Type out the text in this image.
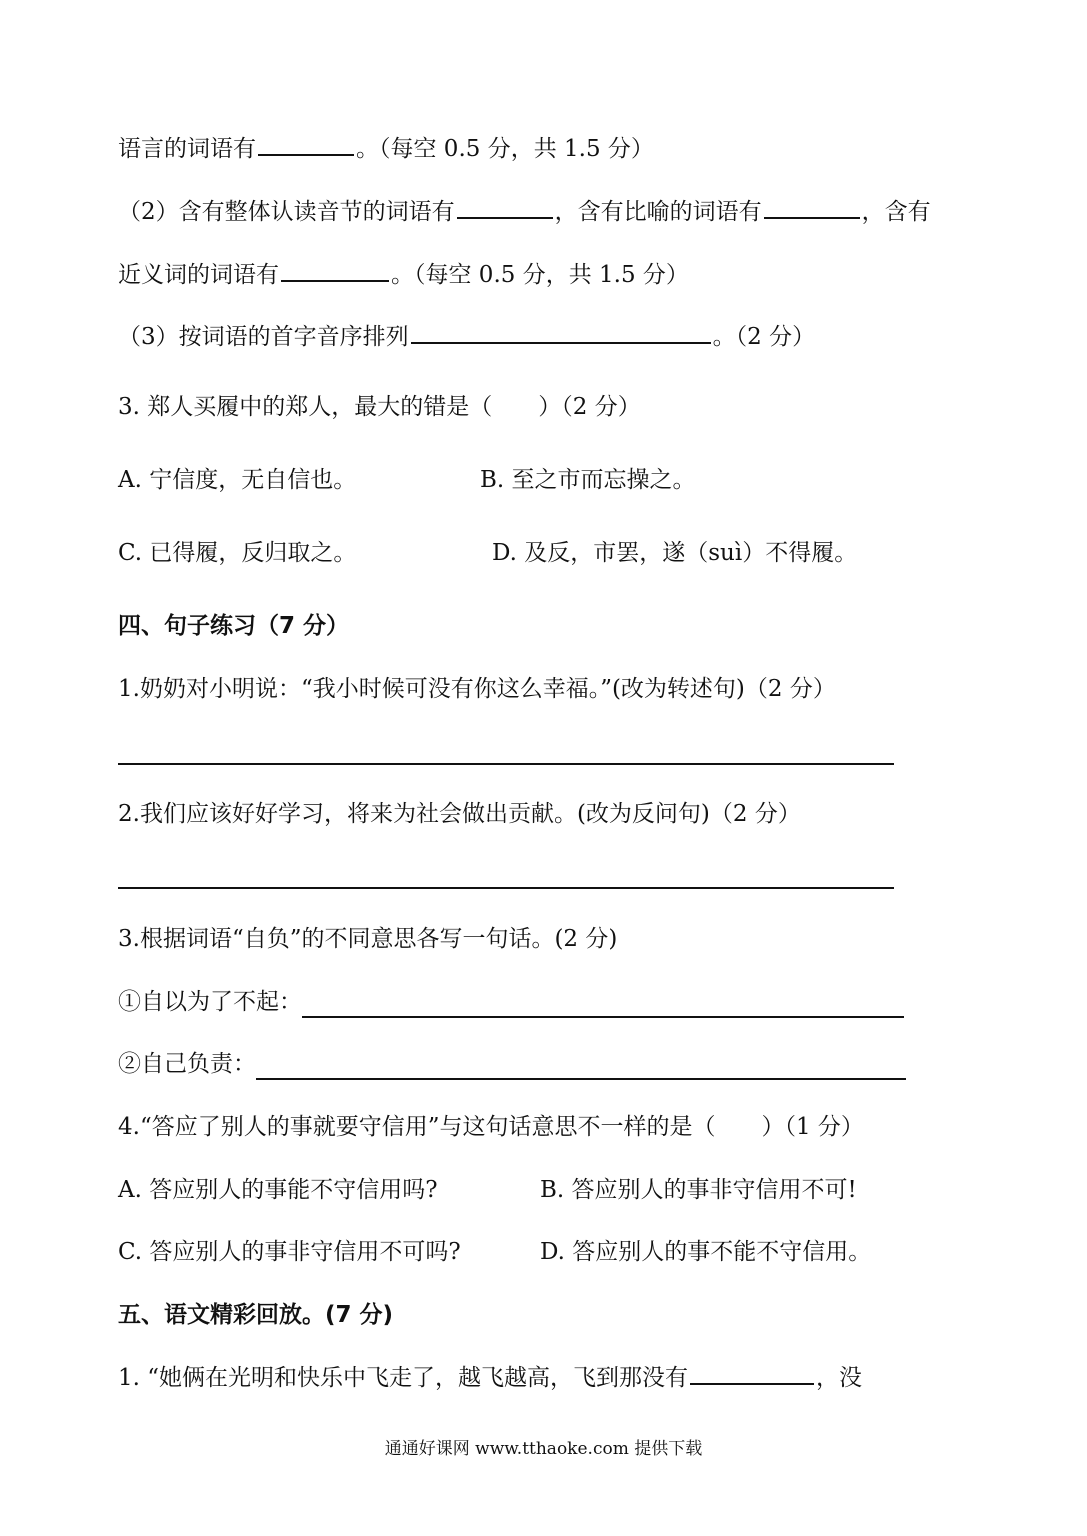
语言的词语有	。（每空 0.5 分，共 1.5 分）
（2）含有整体认读音节的词语有	，含有比喻的词语有	，含有
近义词的词语有	。（每空 0.5 分，共 1.5 分）
（3）按词语的首字音序排列	。（2 分）
3. 郑人买履中的郑人，最大的错是（　　）（2 分）
A. 宁信度，无自信也。	B. 至之市而忘操之。
C. 已得履，反归取之。	D. 及反，市罢，遂（suì）不得履。
四、句子练习（7 分）
1.奶奶对小明说：“我小时候可没有你这么幸福。”(改为转述句)（2 分）
2.我们应该好好学习，将来为社会做出贡献。(改为反问句)（2 分）
3.根据词语“自负”的不同意思各写一句话。(2 分)
①自以为了不起：
②自己负责：
4.“答应了别人的事就要守信用”与这句话意思不一样的是（　　）（1 分）
A. 答应别人的事能不守信用吗?	B. 答应别人的事非守信用不可!
C. 答应别人的事非守信用不可吗?	D. 答应别人的事不能不守信用。
五、语文精彩回放。(7 分)
1. “她俩在光明和快乐中飞走了，越飞越高，飞到那没有	，没
通通好课网 www.tthaoke.com 提供下载
